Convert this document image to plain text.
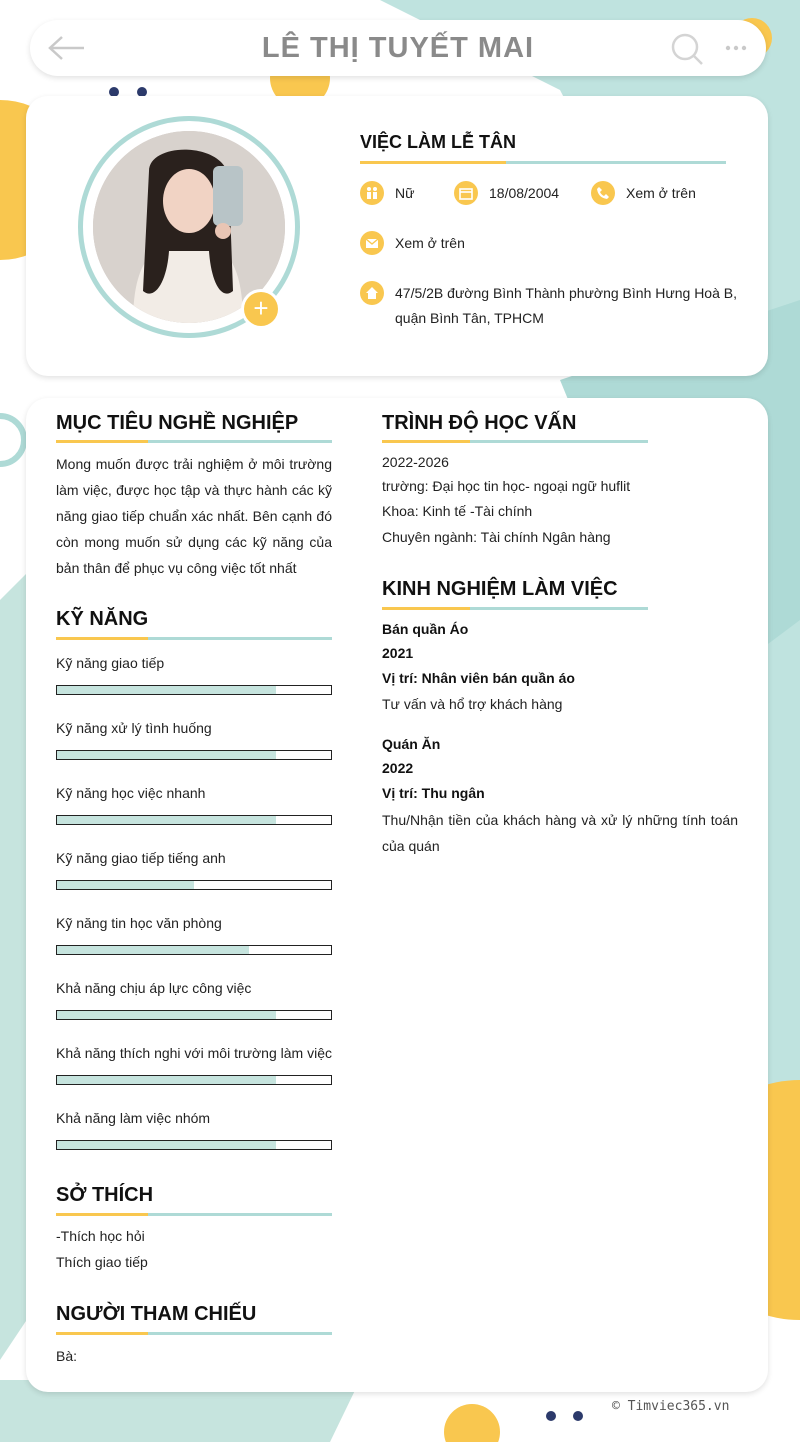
LÊ THỊ TUYẾT MAI
+
VIỆC LÀM LỄ TÂN
Nữ	18/08/2004	Xem ở trên
Xem ở trên
47/5/2B đường Bình Thành phường Bình Hưng Hoà B, quận Bình Tân, TPHCM
MỤC TIÊU NGHỀ NGHIỆP
Mong muốn được trải nghiệm ở môi trường làm việc, được học tập và thực hành các kỹ năng giao tiếp chuẩn xác nhất. Bên cạnh đó còn mong muốn sử dụng các kỹ năng của bản thân để phục vụ công việc tốt nhất
KỸ NĂNG
Kỹ năng giao tiếp
Kỹ năng xử lý tình huống
Kỹ năng học việc nhanh
Kỹ năng giao tiếp tiếng anh
Kỹ năng tin học văn phòng
Khả năng chịu áp lực công việc
Khả năng thích nghi với môi trường làm việc
Khả năng làm việc nhóm
SỞ THÍCH
-Thích học hỏi
Thích giao tiếp
NGƯỜI THAM CHIẾU
Bà:
TRÌNH ĐỘ HỌC VẤN
2022-2026
trường: Đại học tin học- ngoại ngữ huflit
Khoa: Kinh tế -Tài chính
Chuyên ngành: Tài chính Ngân hàng
KINH NGHIỆM LÀM VIỆC
Bán quần Áo
2021
Vị trí: Nhân viên bán quần áo
Tư vấn và hổ trợ khách hàng
Quán Ăn
2022
Vị trí: Thu ngân
Thu/Nhận tiền của khách hàng và xử lý những tính toán của quán
© Timviec365.vn
